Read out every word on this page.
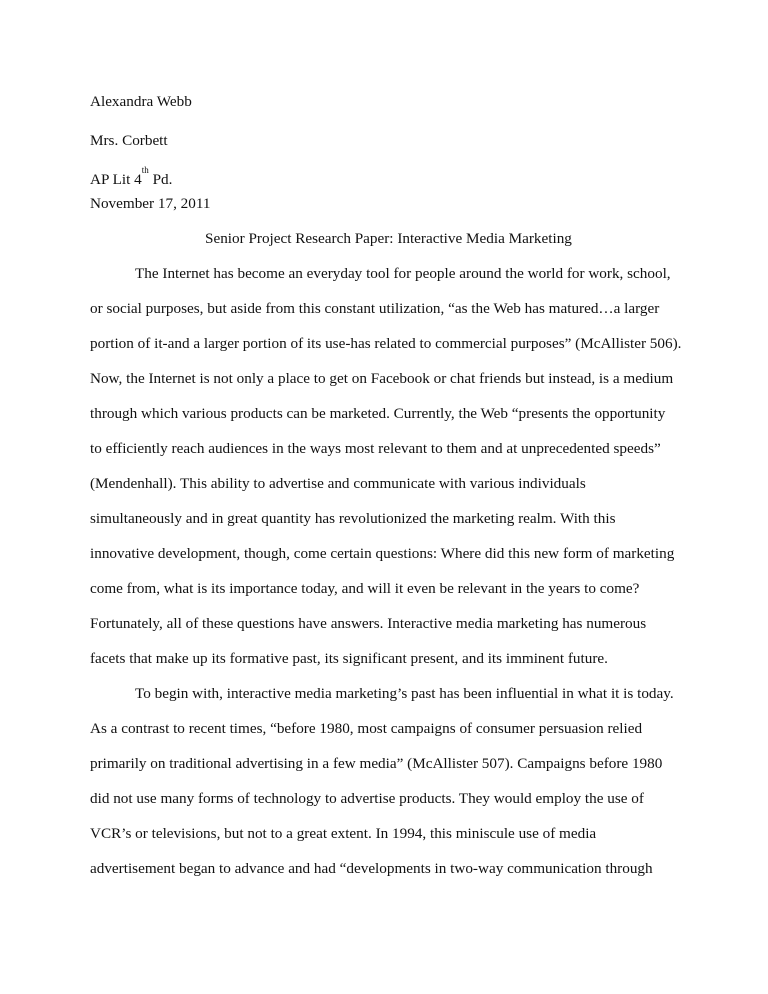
Alexandra Webb
Mrs. Corbett
AP Lit 4th Pd.
November 17, 2011
Senior Project Research Paper: Interactive Media Marketing
The Internet has become an everyday tool for people around the world for work, school,
or social purposes, but aside from this constant utilization, “as the Web has matured…a larger
portion of it-and a larger portion of its use-has related to commercial purposes” (McAllister 506).
Now, the Internet is not only a place to get on Facebook or chat friends but instead, is a medium
through which various products can be marketed. Currently, the Web “presents the opportunity
to efficiently reach audiences in the ways most relevant to them and at unprecedented speeds”
(Mendenhall). This ability to advertise and communicate with various individuals
simultaneously and in great quantity has revolutionized the marketing realm. With this
innovative development, though, come certain questions: Where did this new form of marketing
come from, what is its importance today, and will it even be relevant in the years to come?
Fortunately, all of these questions have answers. Interactive media marketing has numerous
facets that make up its formative past, its significant present, and its imminent future.
To begin with, interactive media marketing’s past has been influential in what it is today.
As a contrast to recent times, “before 1980, most campaigns of consumer persuasion relied
primarily on traditional advertising in a few media” (McAllister 507). Campaigns before 1980
did not use many forms of technology to advertise products. They would employ the use of
VCR’s or televisions, but not to a great extent. In 1994, this miniscule use of media
advertisement began to advance and had “developments in two-way communication through
